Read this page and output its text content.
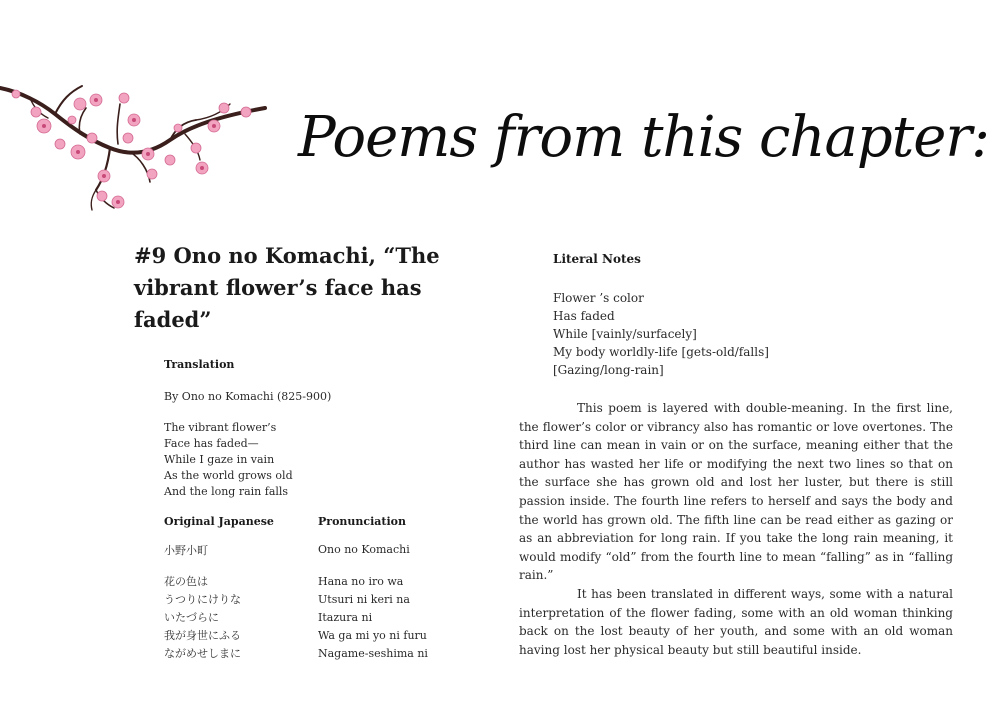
Poems from this chapter:
#9 Ono no Komachi, “The vibrant flower’s face has faded”
Translation
By Ono no Komachi (825-900)
The vibrant flower’s
Face has faded—
While I gaze in vain
As the world grows old
And the long rain falls
Original Japanese	Pronunciation
小野小町	Ono no Komachi
花の色は
うつりにけりな
いたづらに
我が身世にふる
ながめせしまに
Hana no iro wa
Utsuri ni keri na
Itazura ni
Wa ga mi yo ni furu
Nagame-seshima ni
Literal Notes
Flower ’s color
Has faded
While [vainly/surfacely]
My body worldly-life [gets-old/falls]
[Gazing/long-rain]

This poem is layered with double-meaning. In the first line, the flower’s color or vibrancy also has romantic or love overtones. The third line can mean in vain or on the surface, meaning either that the author has wasted her life or modifying the next two lines so that on the surface she has grown old and lost her luster, but there is still passion inside. The fourth line refers to herself and says the body and the world has grown old. The fifth line can be read either as gazing or as an abbreviation for long rain. If you take the long rain meaning, it would modify “old” from the fourth line to mean “falling” as in “falling rain.”

It has been translated in different ways, some with a natural interpretation of the flower fading, some with an old woman thinking back on the lost beauty of her youth, and some with an old woman having lost her physical beauty but still beautiful inside.
